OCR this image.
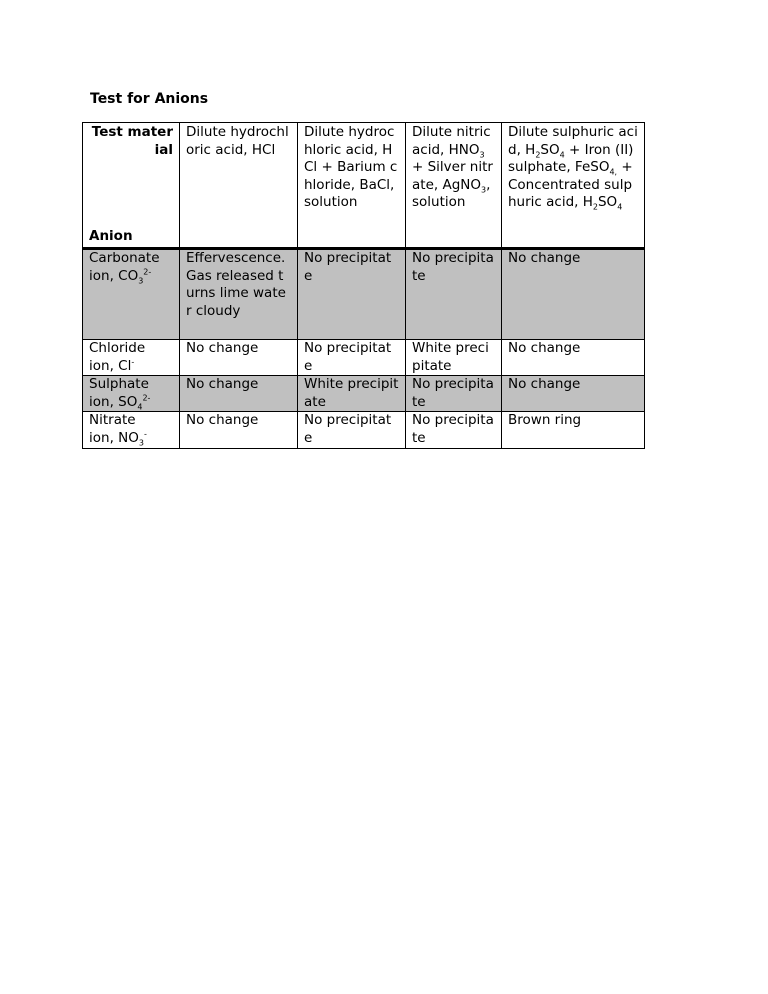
Test for Anions
Test material
Anion	Dilute hydrochloric acid, HCl	Dilute hydrochloric acid, HCl + Barium chloride, BaCl, solution	Dilute nitric acid, $HNO_3$ + Silver nitrate, AgNO$_3$, solution	Dilute sulphuric acid, $H_2SO_4$ + Iron (II) sulphate, FeSO$_{4,}$ + Concentrated sulphuric acid, $H_2SO_4$
Carbonate
ion, $CO_3^{2-}$	Effervescence. Gas released turns lime water cloudy	No precipitate	No precipitate	No change
Chloride
ion, Cl-	No change	No precipitate	White precipitate	No change
Sulphate
ion, $SO_4^{2-}$	No change	White precipitate	No precipitate	No change
Nitrate
ion, $NO_3^-$	No change	No precipitate	No precipitate	Brown ring
